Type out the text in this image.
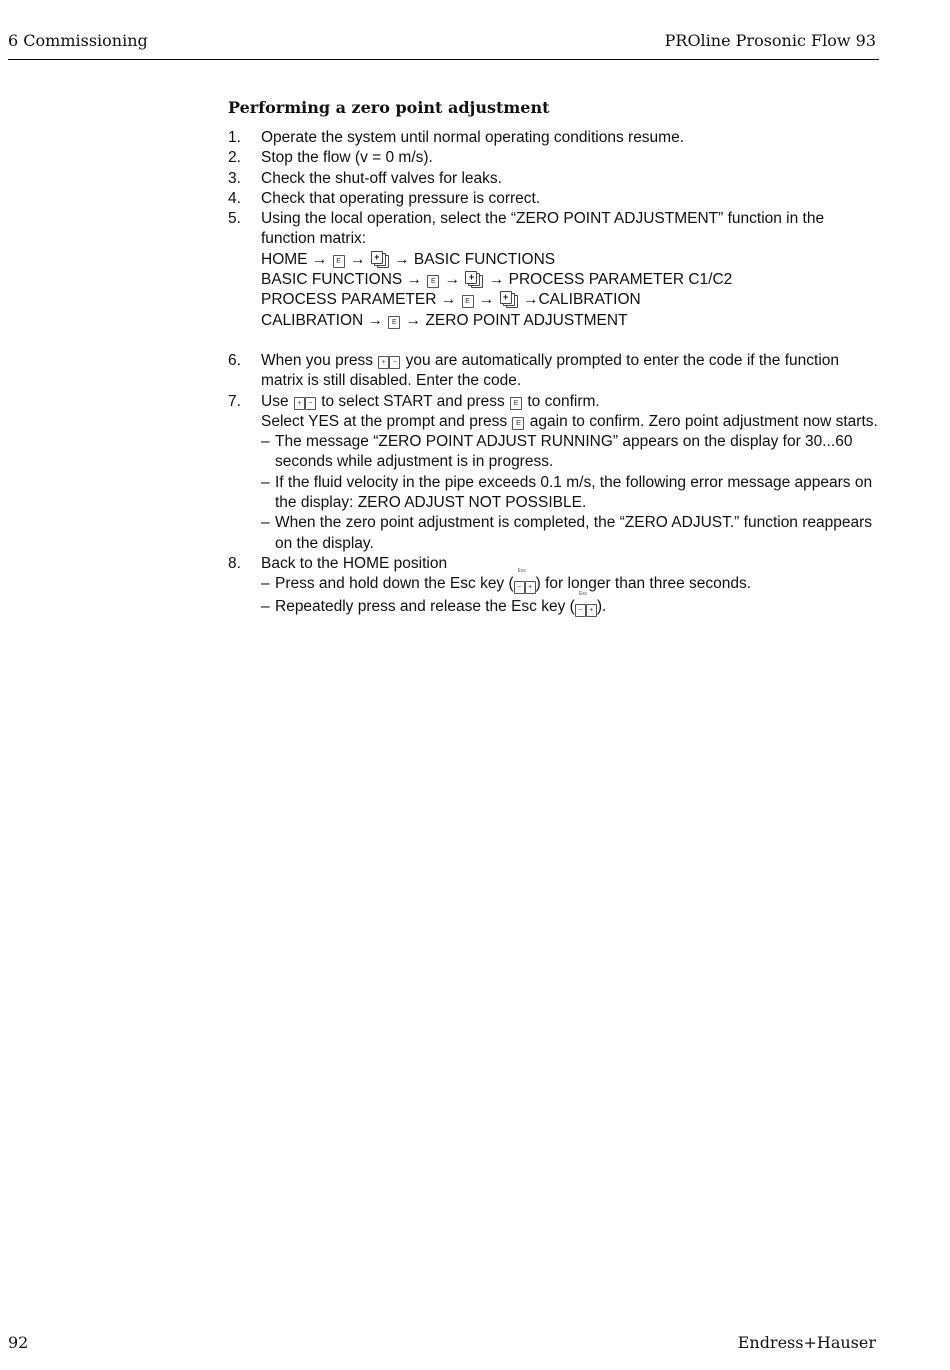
6 Commissioning	PROline Prosonic Flow 93
Performing a zero point adjustment
1. Operate the system until normal operating conditions resume.
2. Stop the flow (v = 0 m/s).
3. Check the shut-off valves for leaks.
4. Check that operating pressure is correct.
5. Using the local operation, select the “ZERO POINT ADJUSTMENT” function in the function matrix:
HOME → E → + → BASIC FUNCTIONS
BASIC FUNCTIONS → E → + → PROCESS PARAMETER C1/C2
PROCESS PARAMETER → E → + →CALIBRATION
CALIBRATION → E → ZERO POINT ADJUSTMENT
6. When you press + − you are automatically prompted to enter the code if the function matrix is still disabled. Enter the code.
7. Use + − to select START and press E to confirm.
Select YES at the prompt and press E again to confirm. Zero point adjustment now starts.
– The message “ZERO POINT ADJUST RUNNING” appears on the display for 30...60 seconds while adjustment is in progress.
– If the fluid velocity in the pipe exceeds 0.1 m/s, the following error message appears on the display: ZERO ADJUST NOT POSSIBLE.
– When the zero point adjustment is completed, the “ZERO ADJUST.” function reappears on the display.
8. Back to the HOME position
– Press and hold down the Esc key (
Esc
− + ) for longer than three seconds.
– Repeatedly press and release the Esc key (
Esc
− + ).
92	Endress+Hauser
